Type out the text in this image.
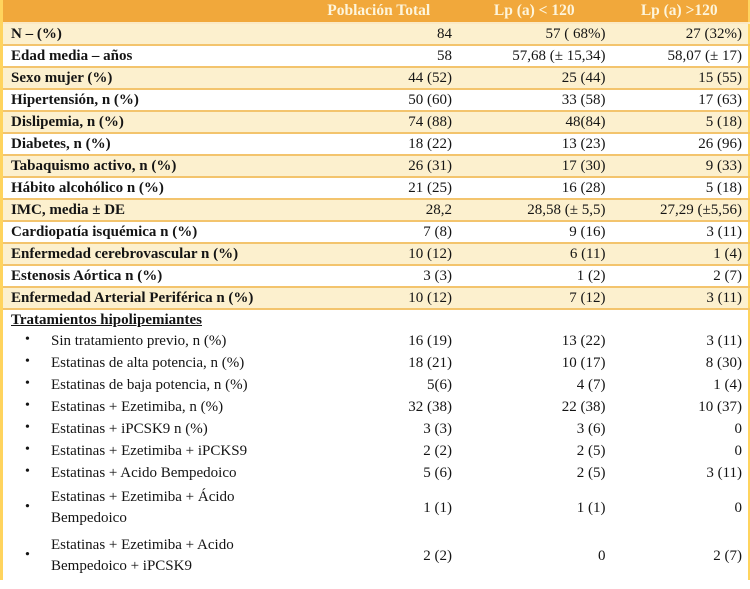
	Población Total	Lp (a) < 120	Lp (a) >120
N – (%)	84	57 ( 68%)	27 (32%)
Edad media – años	58	57,68 (± 15,34)	58,07 (± 17)
Sexo mujer (%)	44 (52)	25 (44)	15 (55)
Hipertensión, n (%)	50 (60)	33 (58)	17 (63)
Dislipemia, n (%)	74 (88)	48(84)	5 (18)
Diabetes, n (%)	18 (22)	13 (23)	26 (96)
Tabaquismo activo, n (%)	26 (31)	17 (30)	9 (33)
Hábito alcohólico n (%)	21 (25)	16 (28)	5 (18)
IMC, media ± DE	28,2	28,58 (± 5,5)	27,29 (±5,56)
Cardiopatía isquémica n (%)	7 (8)	9 (16)	3 (11)
Enfermedad cerebrovascular n (%)	10 (12)	6 (11)	1 (4)
Estenosis Aórtica n (%)	3 (3)	1 (2)	2 (7)
Enfermedad Arterial Periférica n (%)	10 (12)	7 (12)	3 (11)
Tratamientos hipolipemiantes			

• Sin tratamiento previo, n (%)	16 (19)	13 (22)	3 (11)

• Estatinas de alta potencia, n (%)	18 (21)	10 (17)	8 (30)

• Estatinas de baja potencia, n (%)	5(6)	4 (7)	1 (4)

• Estatinas + Ezetimiba, n (%)	32 (38)	22 (38)	10 (37)

• Estatinas + iPCSK9 n (%)	3 (3)	3 (6)	0

• Estatinas + Ezetimiba + iPCKS9	2 (2)	2 (5)	0

• Estatinas + Acido Bempedoico	5 (6)	2 (5)	3 (11)

•
Estatinas + Ezetimiba + Ácido Bempedoico	1 (1)	1 (1)	0

•
Estatinas + Ezetimiba + Acido Bempedoico + iPCSK9	2 (2)	0	2 (7)
